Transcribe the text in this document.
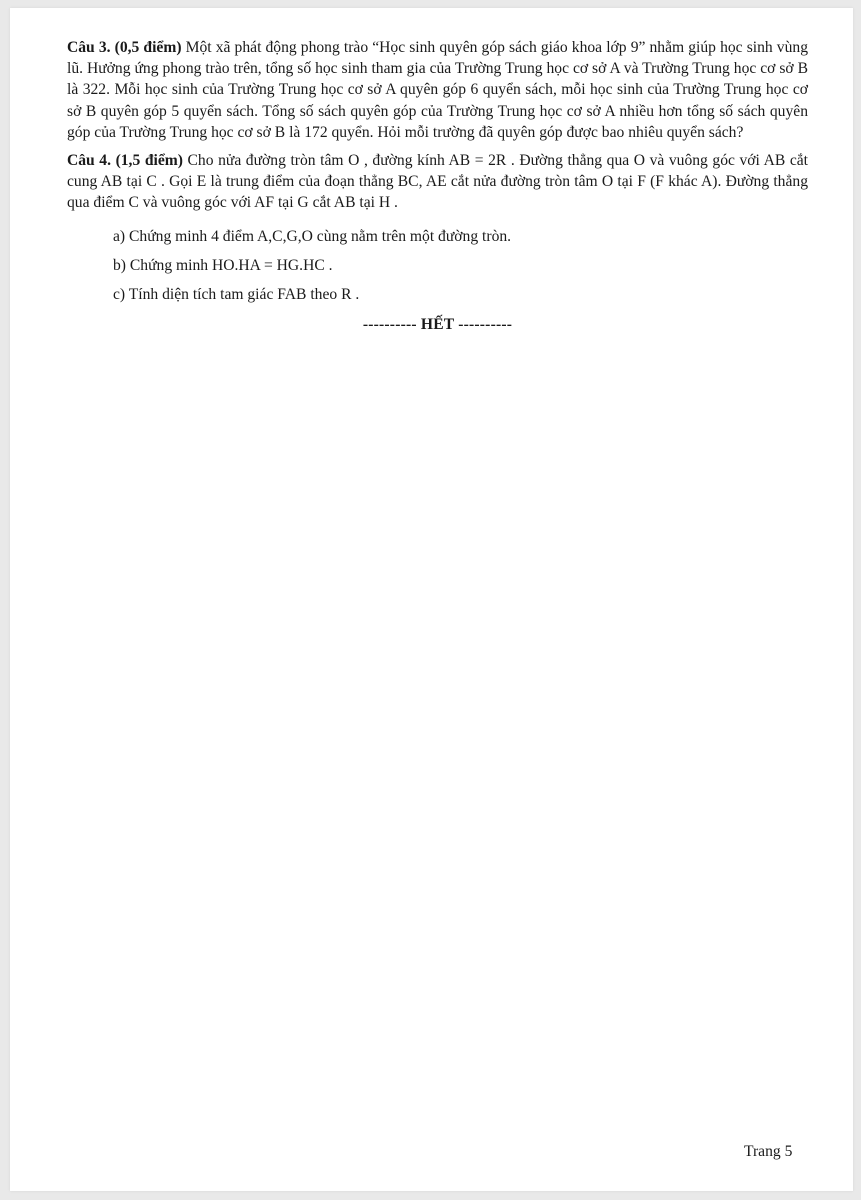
Câu 3. (0,5 điểm) Một xã phát động phong trào “Học sinh quyên góp sách giáo khoa lớp 9” nhằm giúp học sinh vùng lũ. Hưởng ứng phong trào trên, tổng số học sinh tham gia của Trường Trung học cơ sở A và Trường Trung học cơ sở B là 322. Mỗi học sinh của Trường Trung học cơ sở A quyên góp 6 quyển sách, mỗi học sinh của Trường Trung học cơ sở B quyên góp 5 quyển sách. Tổng số sách quyên góp của Trường Trung học cơ sở A nhiều hơn tổng số sách quyên góp của Trường Trung học cơ sở B là 172 quyển. Hỏi mỗi trường đã quyên góp được bao nhiêu quyển sách?

Câu 4. (1,5 điểm) Cho nửa đường tròn tâm O , đường kính AB = 2R . Đường thẳng qua O và vuông góc với AB cắt cung AB tại C . Gọi E là trung điểm của đoạn thẳng BC, AE cắt nửa đường tròn tâm O tại F (F khác A). Đường thẳng qua điểm C và vuông góc với AF tại G cắt AB tại H .

a) Chứng minh 4 điểm A,C,G,O cùng nằm trên một đường tròn.

b) Chứng minh HO.HA = HG.HC .

c) Tính diện tích tam giác FAB theo R .

---------- HẾT ----------
Trang 5
